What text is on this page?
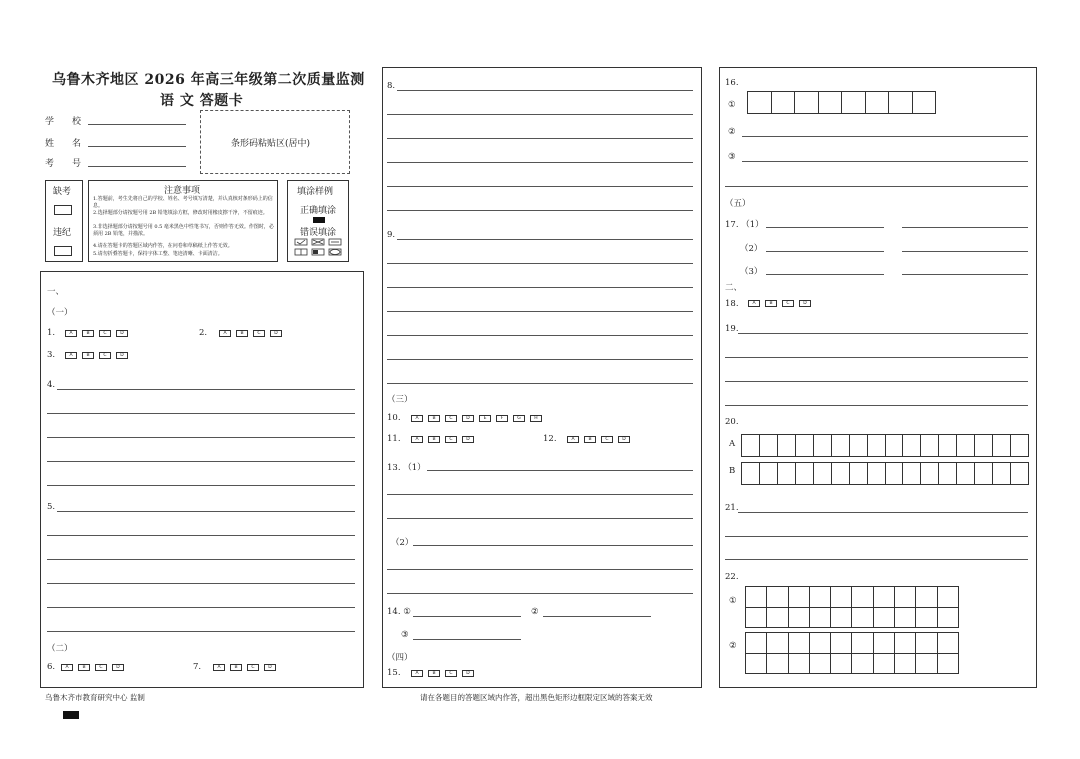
乌鲁木齐地区 2026 年高三年级第二次质量监测
语 文 答题卡
学　　校
姓　　名
考　　号
条形码粘贴区(居中)
缺考
违纪
注意事项
1.答题前，考生先将自己的学校、姓名、考号填写清楚，并认真核对条形码上的信息。
2.选择题部分请按题号用 2B 铅笔填涂方框，修改时用橡皮擦干净，不留痕迹。
3.非选择题部分请按题号用 0.5 毫米黑色中性笔书写，否则作答无效。作图时，必须用 2B 铅笔，并描浓。
4.请在答题卡的答题区域内作答，在问卷和草稿纸上作答无效。
5.请勿折叠答题卡，保持字体工整、笔迹清晰、卡面清洁。
填涂样例
正确填涂
错误填涂
一、
（一）
1.	A	B	C	D	2.	A	B	C	D
3.	A	B	C	D
4.
5.
（二）
6.	A	B	C	D	7.	A	B	C	D
乌鲁木齐市教育研究中心 监制
8.
9.
（三）
10.	A	B	C	D	E	F	G	H
11.	A	B	C	D	12.	A	B	C	D
13. （1）
（2）
14. ①	②
③
（四）
15.	A	B	C	D
请在各题目的答题区域内作答，超出黑色矩形边框限定区域的答案无效
16.
①
②
③
（五）
17. （1）
（2）
（3）
二、
18.	A	B	C	D
19.
20.
A
B
21.
22.
①
②
